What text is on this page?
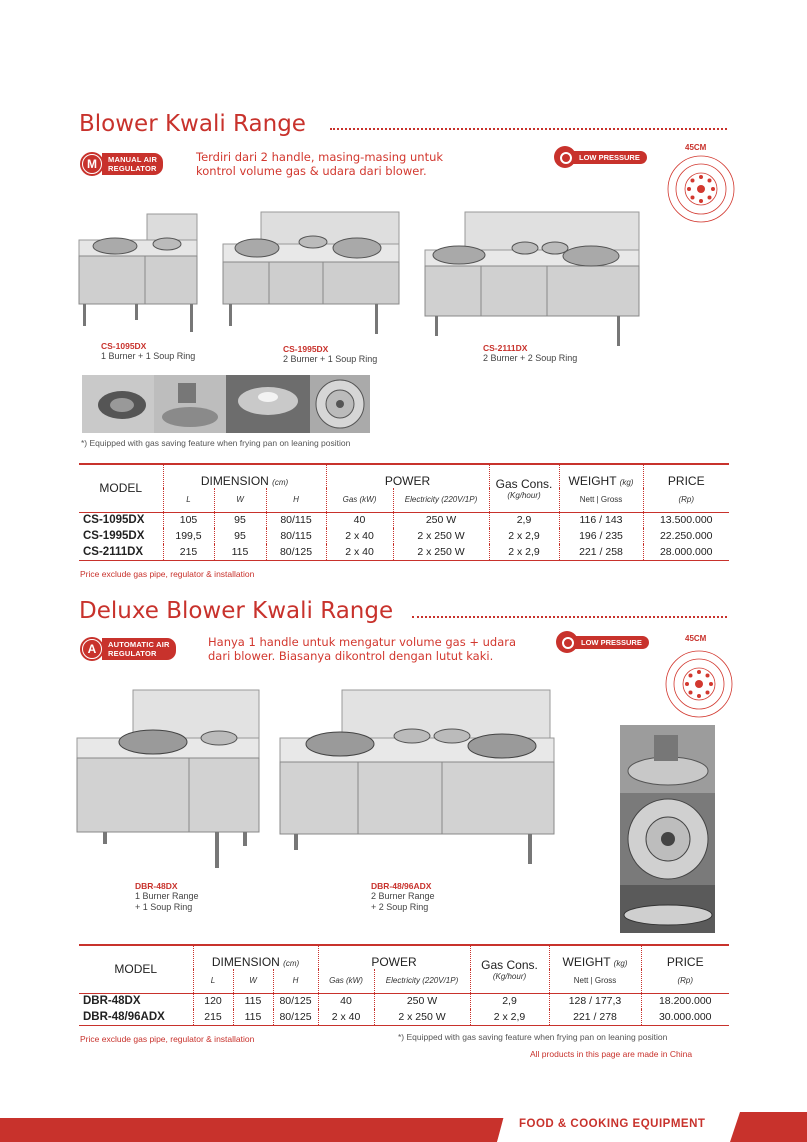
Blower Kwali Range
M	MANUAL AIR
REGULATOR
Terdiri dari 2 handle, masing-masing untuk
kontrol volume gas & udara dari blower.
LOW PRESSURE
45CM
CS-1095DX
1 Burner + 1 Soup Ring
CS-1995DX
2 Burner + 1 Soup Ring
CS-2111DX
2 Burner + 2 Soup Ring
*) Equipped with gas saving feature when frying pan on leaning position
MODEL	DIMENSION (cm)			POWER		Gas Cons.
(Kg/hour)	WEIGHT (kg)	PRICE
	L	W	H	Gas (kW)	Electricity (220V/1P)		Nett | Gross	(Rp)
CS-1095DX	105	95	80/115	40	250 W	2,9	116 / 143	13.500.000
CS-1995DX	199,5	95	80/115	2 x 40	2 x 250 W	2 x 2,9	196 / 235	22.250.000
CS-2111DX	215	115	80/125	2 x 40	2 x 250 W	2 x 2,9	221 / 258	28.000.000
Price exclude gas pipe, regulator & installation
Deluxe Blower Kwali Range
A	AUTOMATIC AIR
REGULATOR
Hanya 1 handle untuk mengatur volume gas + udara
dari blower. Biasanya dikontrol dengan lutut kaki.
LOW PRESSURE	45CM
DBR-48DX
1 Burner Range
+ 1 Soup Ring
DBR-48/96ADX
2 Burner Range
+ 2 Soup Ring
MODEL	DIMENSION (cm)			POWER		Gas Cons.
(Kg/hour)	WEIGHT (kg)	PRICE
	L	W	H	Gas (kW)	Electricity (220V/1P)		Nett | Gross	(Rp)
DBR-48DX	120	115	80/125	40	250 W	2,9	128 / 177,3	18.200.000
DBR-48/96ADX	215	115	80/125	2 x 40	2 x 250 W	2 x 2,9	221 / 278	30.000.000
Price exclude gas pipe, regulator & installation	*) Equipped with gas saving feature when frying pan on leaning position
All products in this page are made in China
FOOD & COOKING EQUIPMENT
